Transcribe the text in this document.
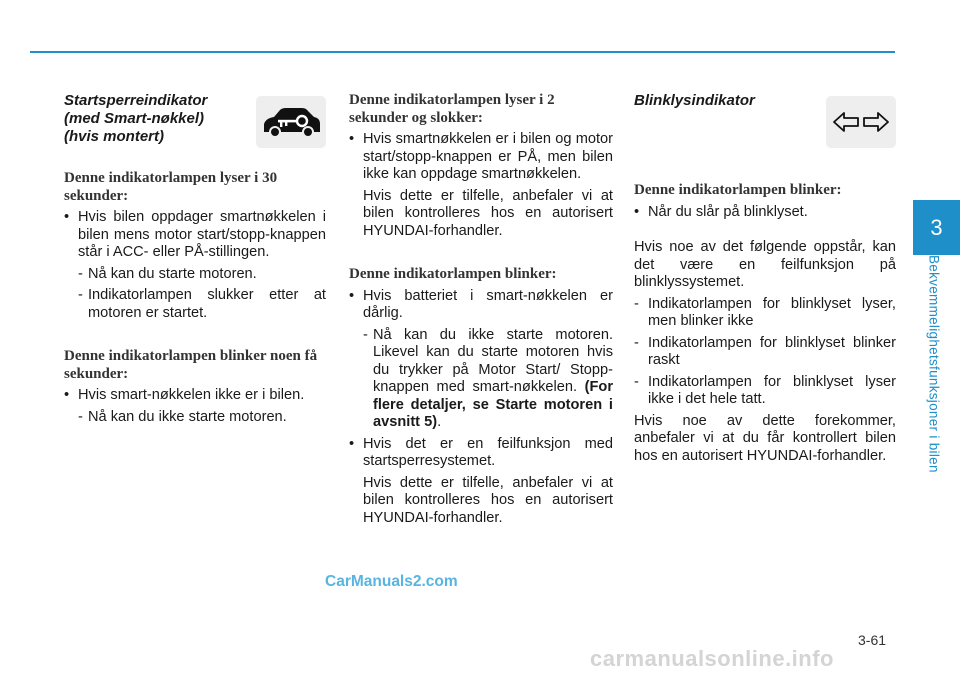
Startsperreindikator
(med Smart-nøkkel)
(hvis montert)

Denne indikatorlampen lyser i 30 sekunder:

• Hvis bilen oppdager smartnøkkelen i bilen mens motor start/stopp-knappen står i ACC- eller PÅ-stillingen.

- Nå kan du starte motoren.

- Indikatorlampen slukker etter at motoren er startet.

Denne indikatorlampen blinker noen få sekunder:

• Hvis smart-nøkkelen ikke er i bilen.

- Nå kan du ikke starte motoren.

Denne indikatorlampen lyser i 2 sekunder og slokker:

• Hvis smartnøkkelen er i bilen og motor start/stopp-knappen er PÅ, men bilen ikke kan oppdage smartnøkkelen.

Hvis dette er tilfelle, anbefaler vi at bilen kontrolleres hos en autorisert HYUNDAI-forhandler.

Denne indikatorlampen blinker:

• Hvis batteriet i smart-nøkkelen er dårlig.

- Nå kan du ikke starte motoren. Likevel kan du starte motoren hvis du trykker på Motor Start/ Stopp-knappen med smart-nøkkelen. (For flere detaljer, se Starte motoren i avsnitt 5).

• Hvis det er en feilfunksjon med startsperresystemet.

Hvis dette er tilfelle, anbefaler vi at bilen kontrolleres hos en autorisert HYUNDAI-forhandler.

Blinklysindikator

Denne indikatorlampen blinker:

• Når du slår på blinklyset.

Hvis noe av det følgende oppstår, kan det være en feilfunksjon på blinklyssystemet.

- Indikatorlampen for blinklyset lyser, men blinker ikke

- Indikatorlampen for blinklyset blinker raskt

- Indikatorlampen for blinklyset lyser ikke i det hele tatt.

Hvis noe av dette forekommer, anbefaler vi at du får kontrollert bilen hos en autorisert HYUNDAI-forhandler.

3
Bekvemmelighetsfunksjoner i bilen
3-61
CarManuals2.com
carmanualsonline.info
